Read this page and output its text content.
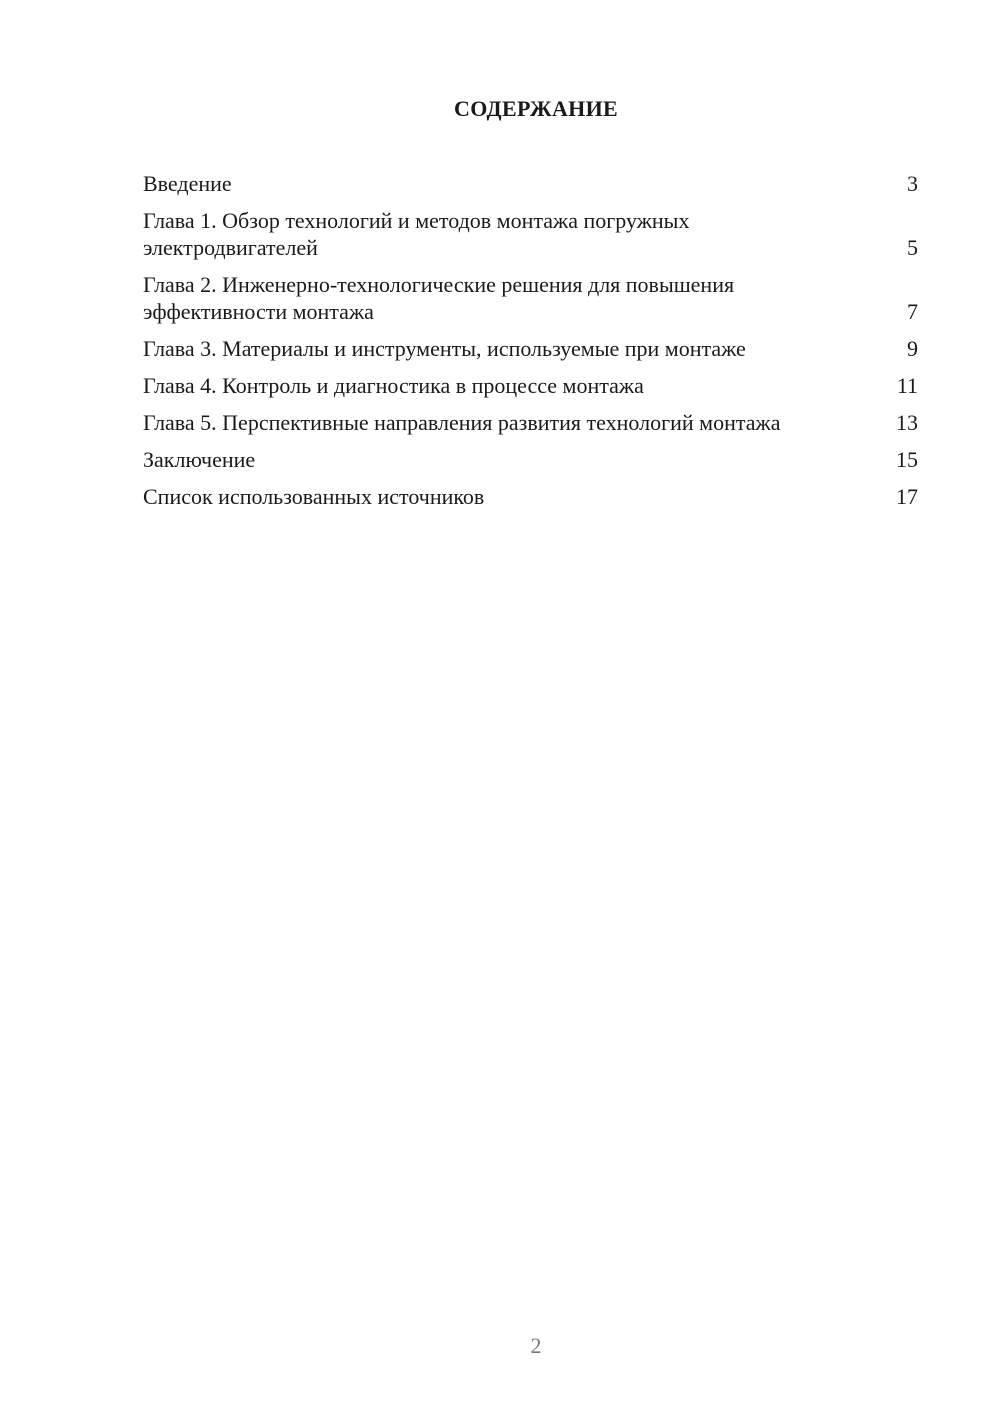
СОДЕРЖАНИЕ
Введение	3
Глава 1. Обзор технологий и методов монтажа погружных электродвигателей	5
Глава 2. Инженерно-технологические решения для повышения эффективности монтажа	7
Глава 3. Материалы и инструменты, используемые при монтаже	9
Глава 4. Контроль и диагностика в процессе монтажа	11
Глава 5. Перспективные направления развития технологий монтажа	13
Заключение	15
Список использованных источников	17
2
